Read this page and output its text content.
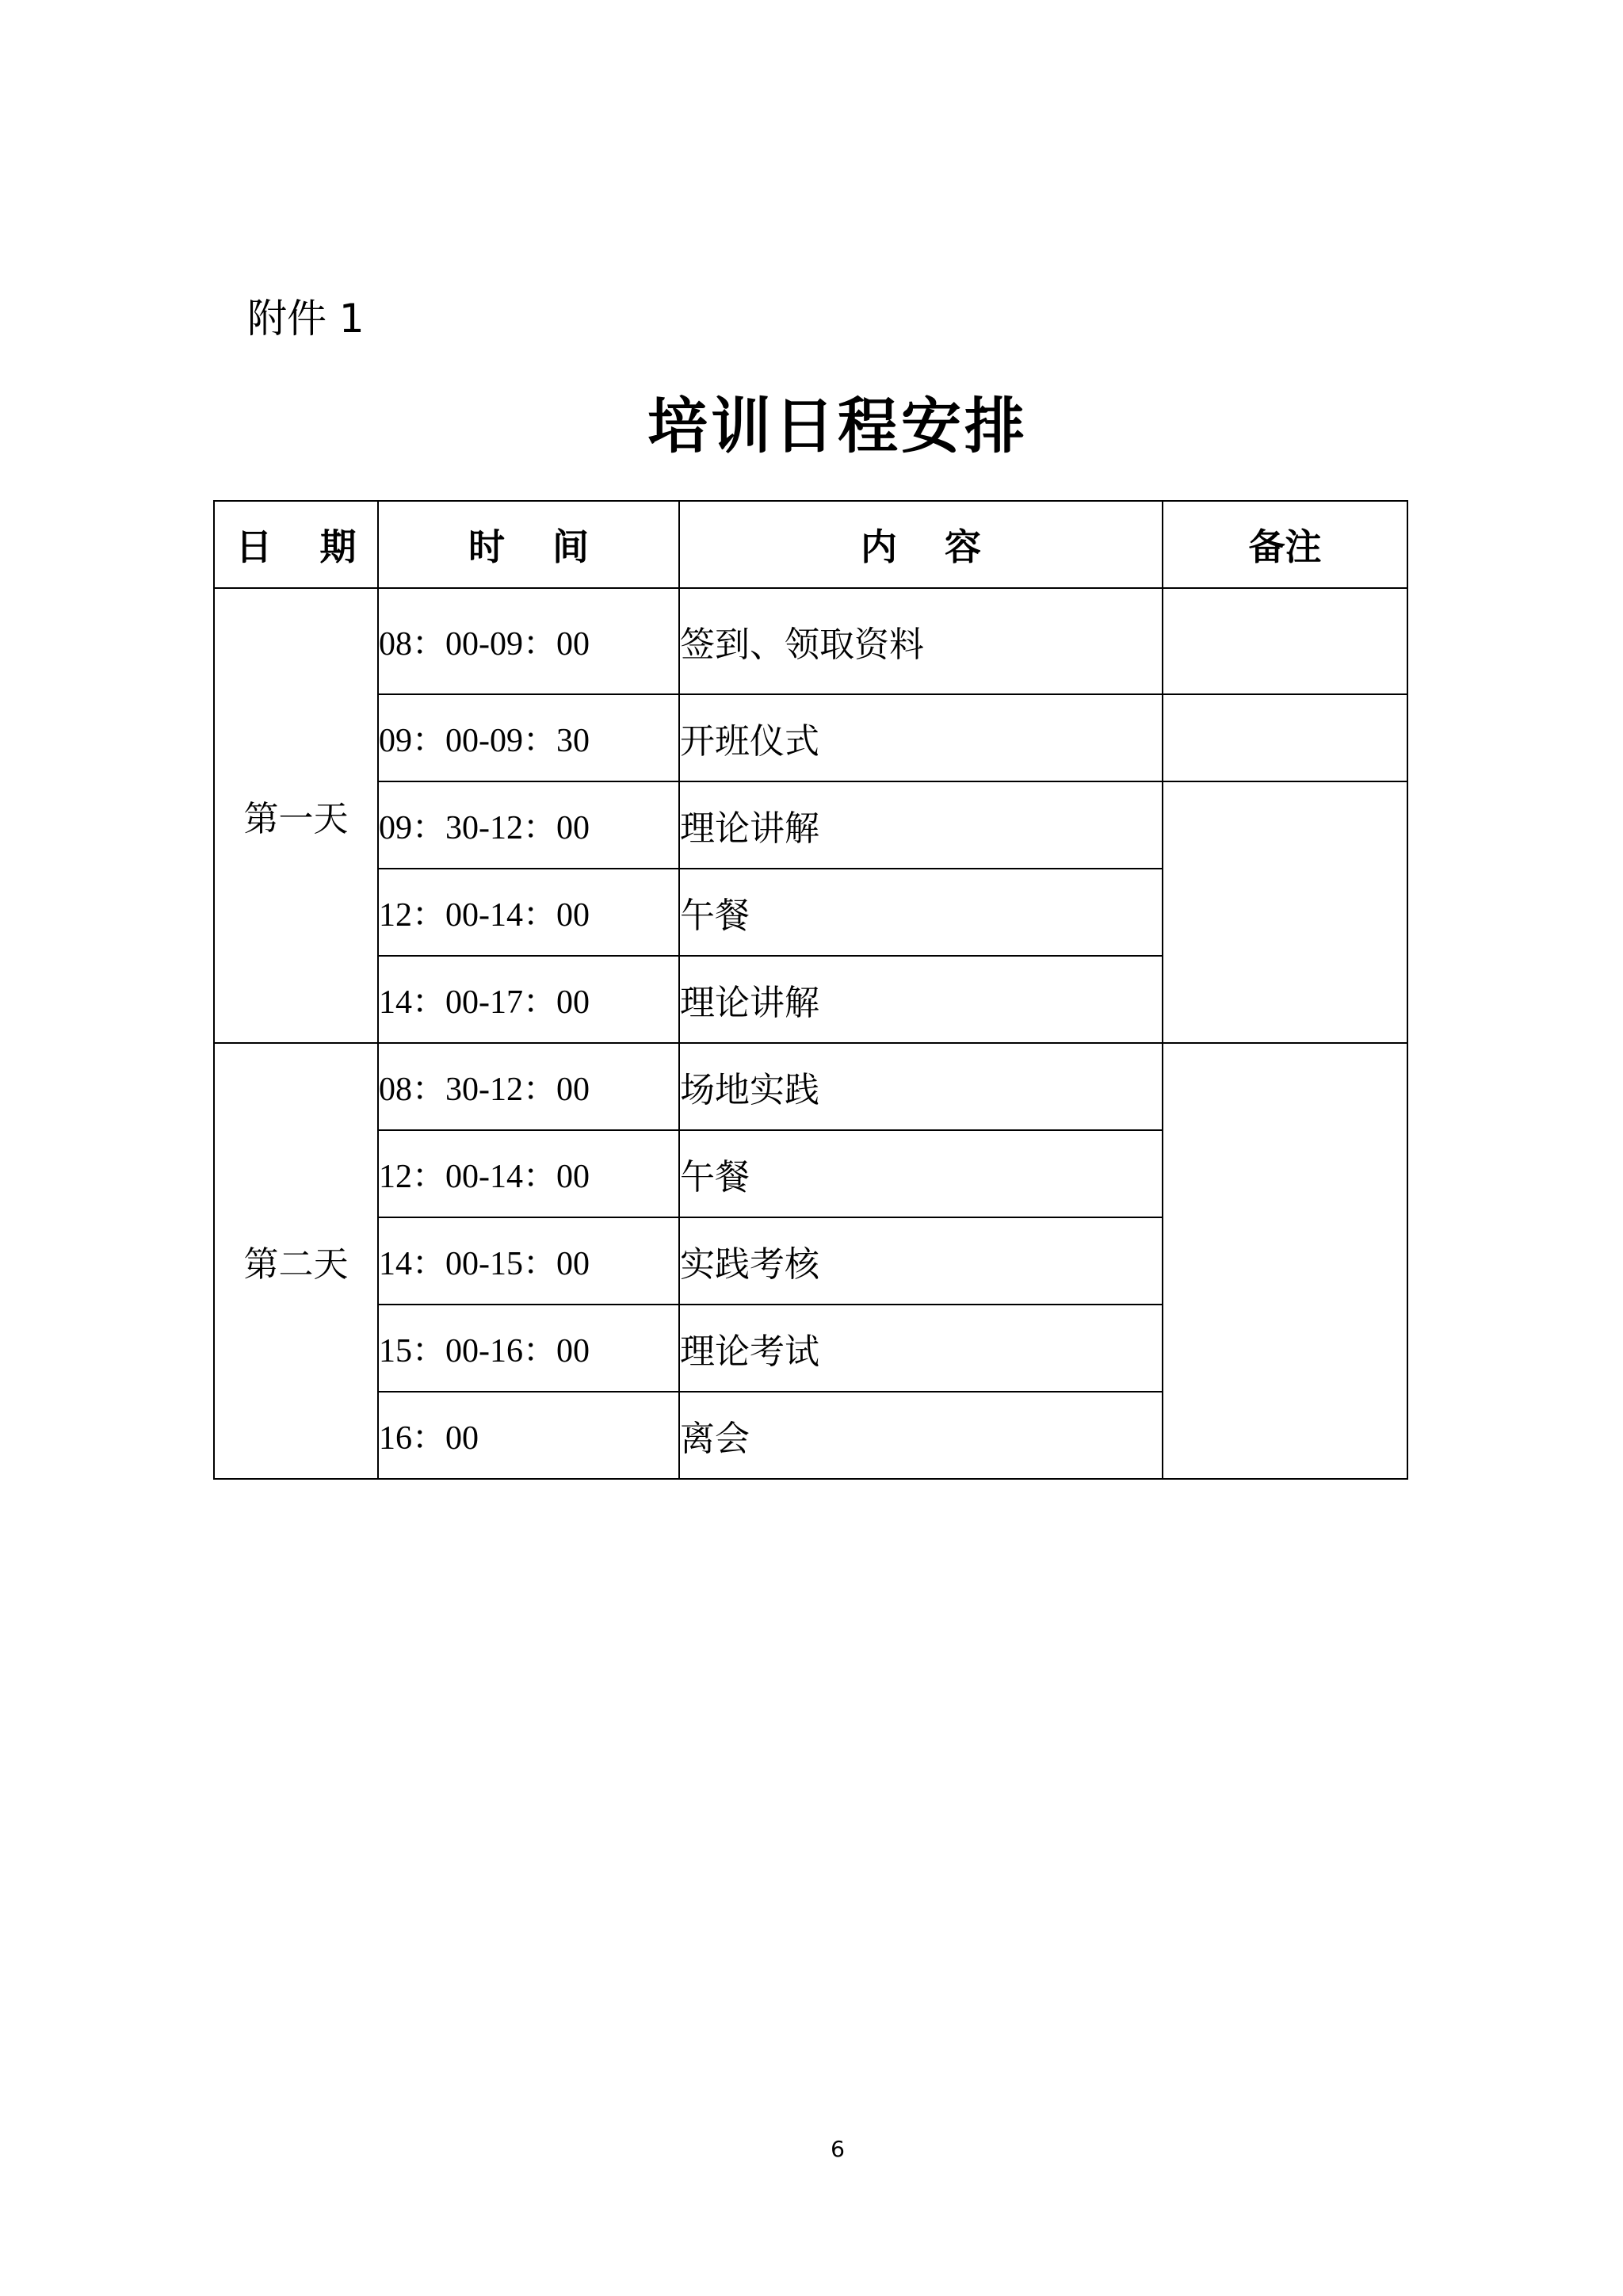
附件 1
培训日程安排
日 期	时 间	内 容	备注
第一天	08：00-09：00	签到、领取资料	
	09：00-09：30	开班仪式	
	09：30-12：00	理论讲解	
	12：00-14：00	午餐	
	14：00-17：00	理论讲解	
第二天	08：30-12：00	场地实践	
	12：00-14：00	午餐	
	14：00-15：00	实践考核	
	15：00-16：00	理论考试	
	16：00	离会	
6
